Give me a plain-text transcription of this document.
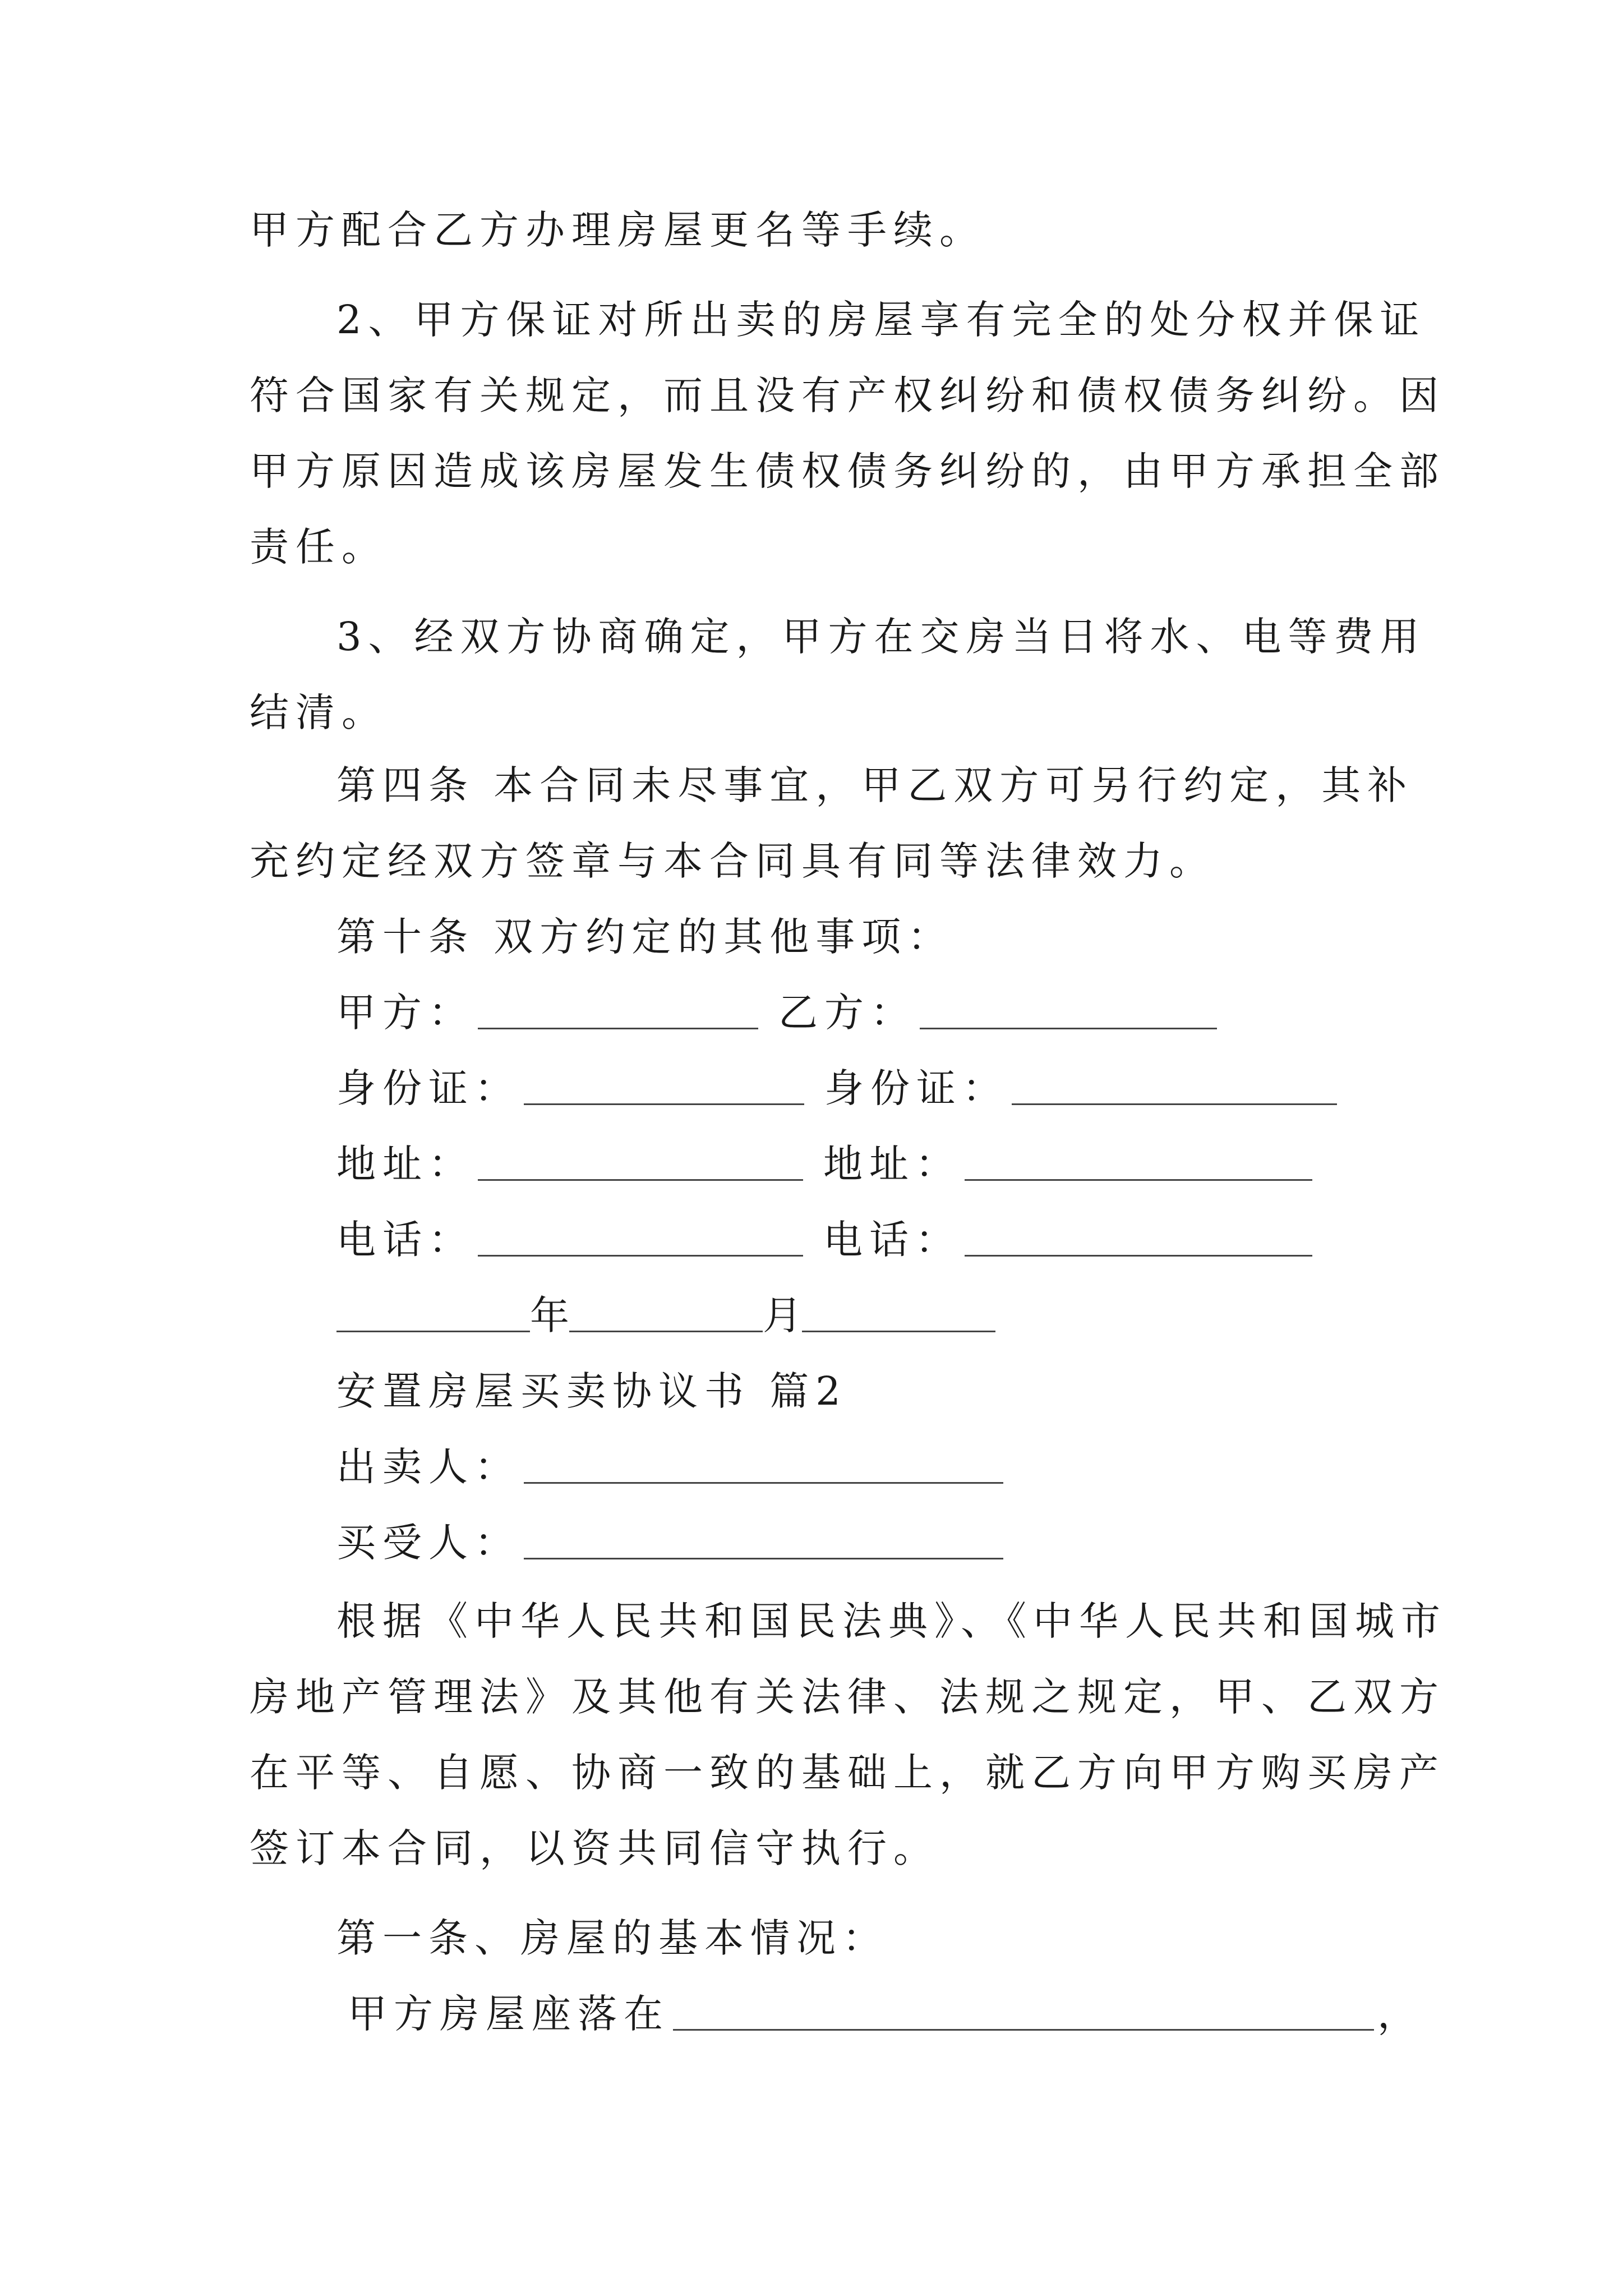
甲方配合乙方办理房屋更名等手续。
2、甲方保证对所出卖的房屋享有完全的处分权并保证
符合国家有关规定，而且没有产权纠纷和债权债务纠纷。因
甲方原因造成该房屋发生债权债务纠纷的，由甲方承担全部
责任。
3、经双方协商确定，甲方在交房当日将水、电等费用
结清。
第四条 本合同未尽事宜，甲乙双方可另行约定，其补
充约定经双方签章与本合同具有同等法律效力。
第十条 双方约定的其他事项：
甲方：	乙方：
身份证：	身份证：
地址：	地址：
电话：	电话：
年	月
安置房屋买卖协议书 篇2
出卖人：
买受人：
根据《中华人民共和国民法典》、《中华人民共和国城市
房地产管理法》及其他有关法律、法规之规定，甲、乙双方
在平等、自愿、协商一致的基础上，就乙方向甲方购买房产
签订本合同，以资共同信守执行。
第一条、房屋的基本情况：
甲方房屋座落在	，
